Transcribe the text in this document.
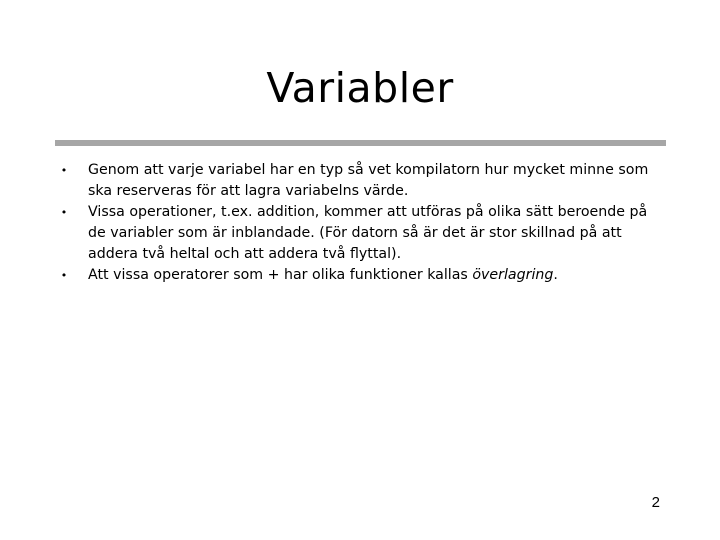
Variabler
• Genom att varje variabel har en typ så vet kompilatorn hur mycket minne som ska reserveras för att lagra variabelns värde.
• Vissa operationer, t.ex. addition, kommer att utföras på olika sätt beroende på de variabler som är inblandade. (För datorn så är det är stor skillnad på att addera två heltal och att addera två flyttal).
• Att vissa operatorer som + har olika funktioner kallas överlagring.
2
